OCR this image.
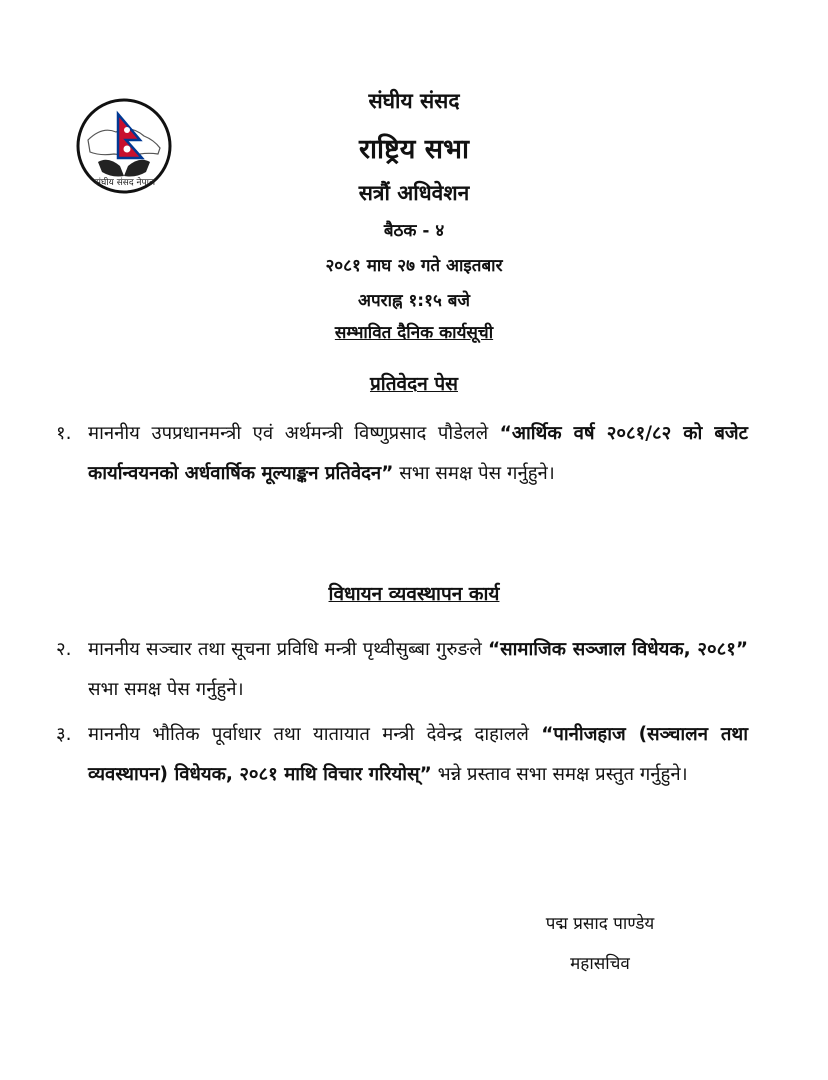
संघीय संसद नेपाल
संघीय संसद
राष्ट्रिय सभा
सत्रौं अधिवेशन
बैठक - ४
२०८१ माघ २७ गते आइतबार
अपराह्न १:१५ बजे
सम्भावित दैनिक कार्यसूची
प्रतिवेदन पेस
१. माननीय उपप्रधानमन्त्री एवं अर्थमन्त्री विष्णुप्रसाद पौडेलले “आर्थिक वर्ष २०८१/८२ को बजेट कार्यान्वयनको अर्धवार्षिक मूल्याङ्कन प्रतिवेदन” सभा समक्ष पेस गर्नुहुने।
विधायन व्यवस्थापन कार्य
२. माननीय सञ्चार तथा सूचना प्रविधि मन्त्री पृथ्वीसुब्बा गुरुङले “सामाजिक सञ्जाल विधेयक, २०८१” सभा समक्ष पेस गर्नुहुने।
३. माननीय भौतिक पूर्वाधार तथा यातायात मन्त्री देवेन्द्र दाहालले “पानीजहाज (सञ्चालन तथा व्यवस्थापन) विधेयक, २०८१ माथि विचार गरियोस्” भन्ने प्रस्ताव सभा समक्ष प्रस्तुत गर्नुहुने।
पद्म प्रसाद पाण्डेय
महासचिव
